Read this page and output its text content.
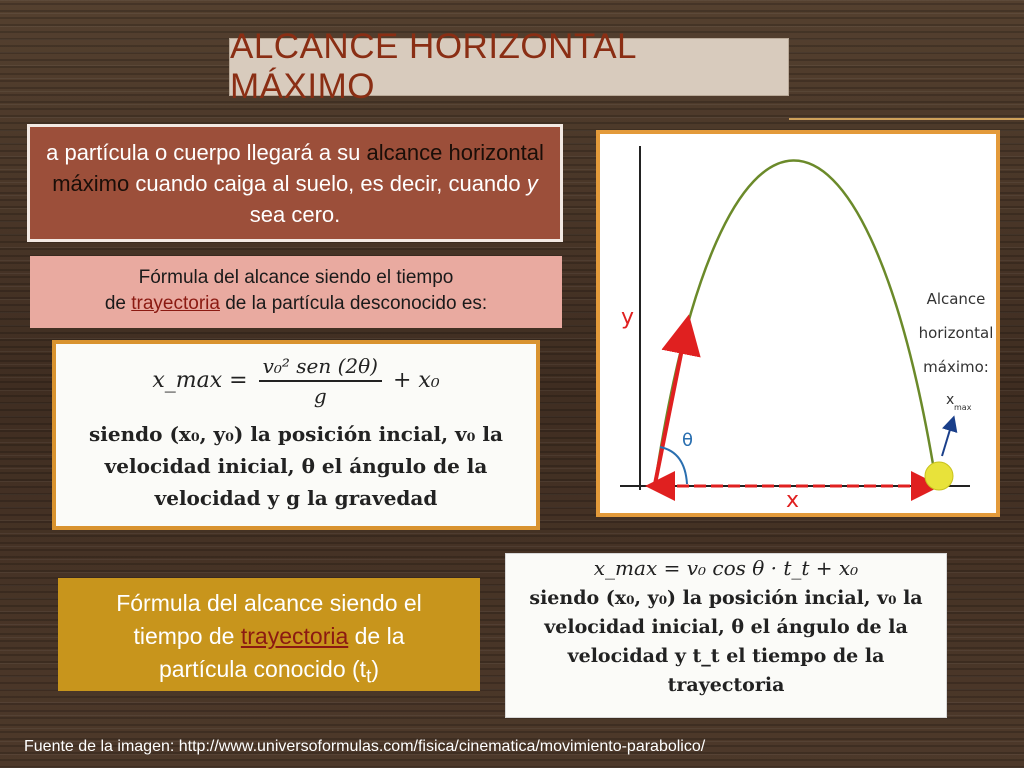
ALCANCE HORIZONTAL MÁXIMO
a partícula o cuerpo llegará a su alcance horizontal máximo cuando caiga al suelo, es decir, cuando y sea cero.
Fórmula del alcance siendo el tiempo
de trayectoria de la partícula desconocido es:
x_max = $\frac{\text{v₀² sen (2θ)}}{g} + x_0$
siendo (x₀, y₀) la posición incial, v₀ la
velocidad inicial, θ el ángulo de la
velocidad y g la gravedad
y
x
θ
Alcance
horizontal
máximo:
x max
Fórmula del alcance siendo el
tiempo de trayectoria de la
partícula conocido $(t_t)$
x_max = v₀ cos θ · t_t + x₀
siendo (x₀, y₀) la posición incial, v₀ la
velocidad inicial, θ el ángulo de la
velocidad y t_t el tiempo de la
trayectoria
Fuente de la imagen: http://www.universoformulas.com/fisica/cinematica/movimiento-parabolico/
